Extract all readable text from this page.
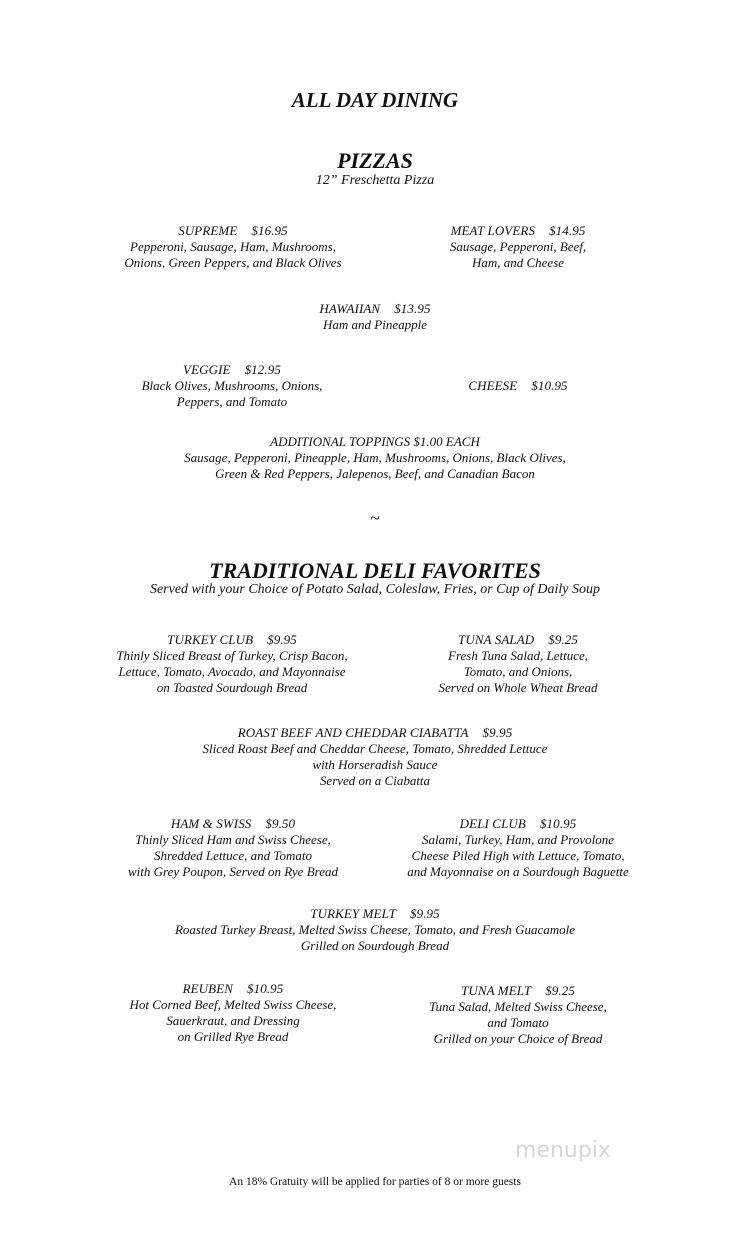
ALL DAY DINING
PIZZAS
12” Freschetta Pizza
SUPREME $16.95
Pepperoni, Sausage, Ham, Mushrooms,
Onions, Green Peppers, and Black Olives
MEAT LOVERS $14.95
Sausage, Pepperoni, Beef,
Ham, and Cheese
HAWAIIAN $13.95
Ham and Pineapple
VEGGIE $12.95
Black Olives, Mushrooms, Onions,
Peppers, and Tomato
CHEESE $10.95
ADDITIONAL TOPPINGS $1.00 EACH
Sausage, Pepperoni, Pineapple, Ham, Mushrooms, Onions, Black Olives,
Green & Red Peppers, Jalepenos, Beef, and Canadian Bacon
~
TRADITIONAL DELI FAVORITES
Served with your Choice of Potato Salad, Coleslaw, Fries, or Cup of Daily Soup
TURKEY CLUB $9.95
Thinly Sliced Breast of Turkey, Crisp Bacon,
Lettuce, Tomato, Avocado, and Mayonnaise
on Toasted Sourdough Bread
TUNA SALAD $9.25
Fresh Tuna Salad, Lettuce,
Tomato, and Onions,
Served on Whole Wheat Bread
ROAST BEEF AND CHEDDAR CIABATTA $9.95
Sliced Roast Beef and Cheddar Cheese, Tomato, Shredded Lettuce
with Horseradish Sauce
Served on a Ciabatta
HAM & SWISS $9.50
Thinly Sliced Ham and Swiss Cheese,
Shredded Lettuce, and Tomato
with Grey Poupon, Served on Rye Bread
DELI CLUB $10.95
Salami, Turkey, Ham, and Provolone
Cheese Piled High with Lettuce, Tomato,
and Mayonnaise on a Sourdough Baguette
TURKEY MELT $9.95
Roasted Turkey Breast, Melted Swiss Cheese, Tomato, and Fresh Guacamole
Grilled on Sourdough Bread
REUBEN $10.95
Hot Corned Beef, Melted Swiss Cheese,
Sauerkraut, and Dressing
on Grilled Rye Bread
TUNA MELT $9.25
Tuna Salad, Melted Swiss Cheese,
and Tomato
Grilled on your Choice of Bread
menupix
An 18% Gratuity will be applied for parties of 8 or more guests
